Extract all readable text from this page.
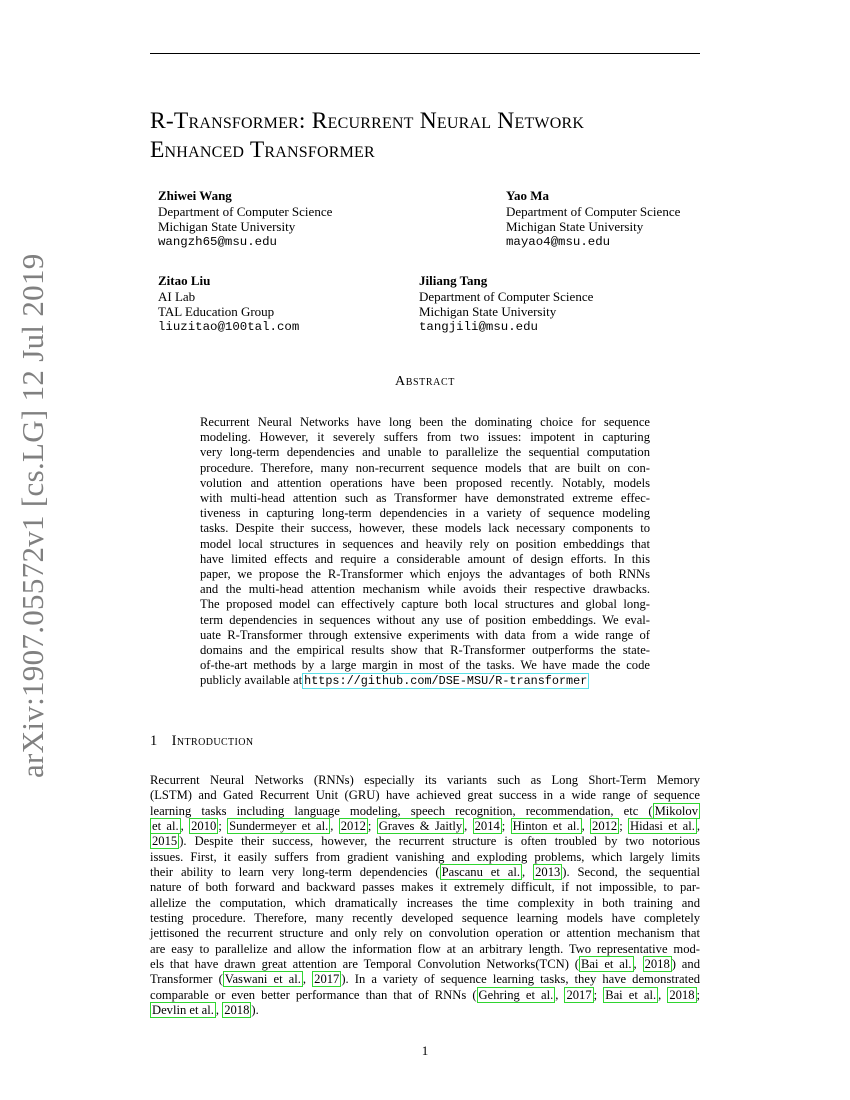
arXiv:1907.05572v1 [cs.LG] 12 Jul 2019
R-Transformer: Recurrent Neural Network
Enhanced Transformer
Zhiwei Wang
Department of Computer Science
Michigan State University
wangzh65@msu.edu
Yao Ma
Department of Computer Science
Michigan State University
mayao4@msu.edu
Zitao Liu
AI Lab
TAL Education Group
liuzitao@100tal.com
Jiliang Tang
Department of Computer Science
Michigan State University
tangjili@msu.edu
Abstract
Recurrent Neural Networks have long been the dominating choice for sequence
modeling. However, it severely suffers from two issues: impotent in capturing
very long-term dependencies and unable to parallelize the sequential computation
procedure. Therefore, many non-recurrent sequence models that are built on con-
volution and attention operations have been proposed recently. Notably, models
with multi-head attention such as Transformer have demonstrated extreme effec-
tiveness in capturing long-term dependencies in a variety of sequence modeling
tasks. Despite their success, however, these models lack necessary components to
model local structures in sequences and heavily rely on position embeddings that
have limited effects and require a considerable amount of design efforts. In this
paper, we propose the R-Transformer which enjoys the advantages of both RNNs
and the multi-head attention mechanism while avoids their respective drawbacks.
The proposed model can effectively capture both local structures and global long-
term dependencies in sequences without any use of position embeddings. We eval-
uate R-Transformer through extensive experiments with data from a wide range of
domains and the empirical results show that R-Transformer outperforms the state-
of-the-art methods by a large margin in most of the tasks. We have made the code
publicly available at https://github.com/DSE-MSU/R-transformer
1 Introduction
Recurrent Neural Networks (RNNs) especially its variants such as Long Short-Term Memory
(LSTM) and Gated Recurrent Unit (GRU) have achieved great success in a wide range of sequence
learning tasks including language modeling, speech recognition, recommendation, etc ( Mikolov
et al. , 2010 ; Sundermeyer et al. , 2012 ; Graves & Jaitly , 2014 ; Hinton et al. , 2012 ; Hidasi et al. ,
2015 ). Despite their success, however, the recurrent structure is often troubled by two notorious
issues. First, it easily suffers from gradient vanishing and exploding problems, which largely limits
their ability to learn very long-term dependencies ( Pascanu et al. , 2013 ). Second, the sequential
nature of both forward and backward passes makes it extremely difficult, if not impossible, to par-
allelize the computation, which dramatically increases the time complexity in both training and
testing procedure. Therefore, many recently developed sequence learning models have completely
jettisoned the recurrent structure and only rely on convolution operation or attention mechanism that
are easy to parallelize and allow the information flow at an arbitrary length. Two representative mod-
els that have drawn great attention are Temporal Convolution Networks(TCN) ( Bai et al. , 2018 ) and
Transformer ( Vaswani et al. , 2017 ). In a variety of sequence learning tasks, they have demonstrated
comparable or even better performance than that of RNNs ( Gehring et al. , 2017 ; Bai et al. , 2018 ;
Devlin et al. , 2018 ).
1
